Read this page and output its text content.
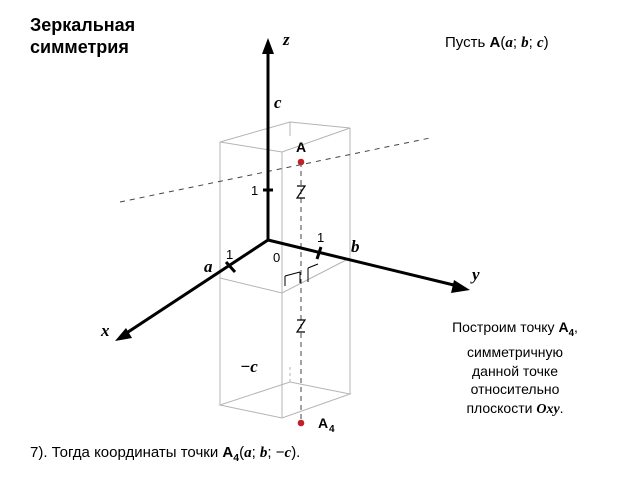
z
y
x
0
1
1
1
c
−c
a
b
A
A 4
Зеркальная
симметрия	Пусть A(a; b; c)
Построим точку $A_4$,
симметричную
данной точке
относительно
плоскости Oxy.
7). Тогда координаты точки $A_4(a$; b; −c).
